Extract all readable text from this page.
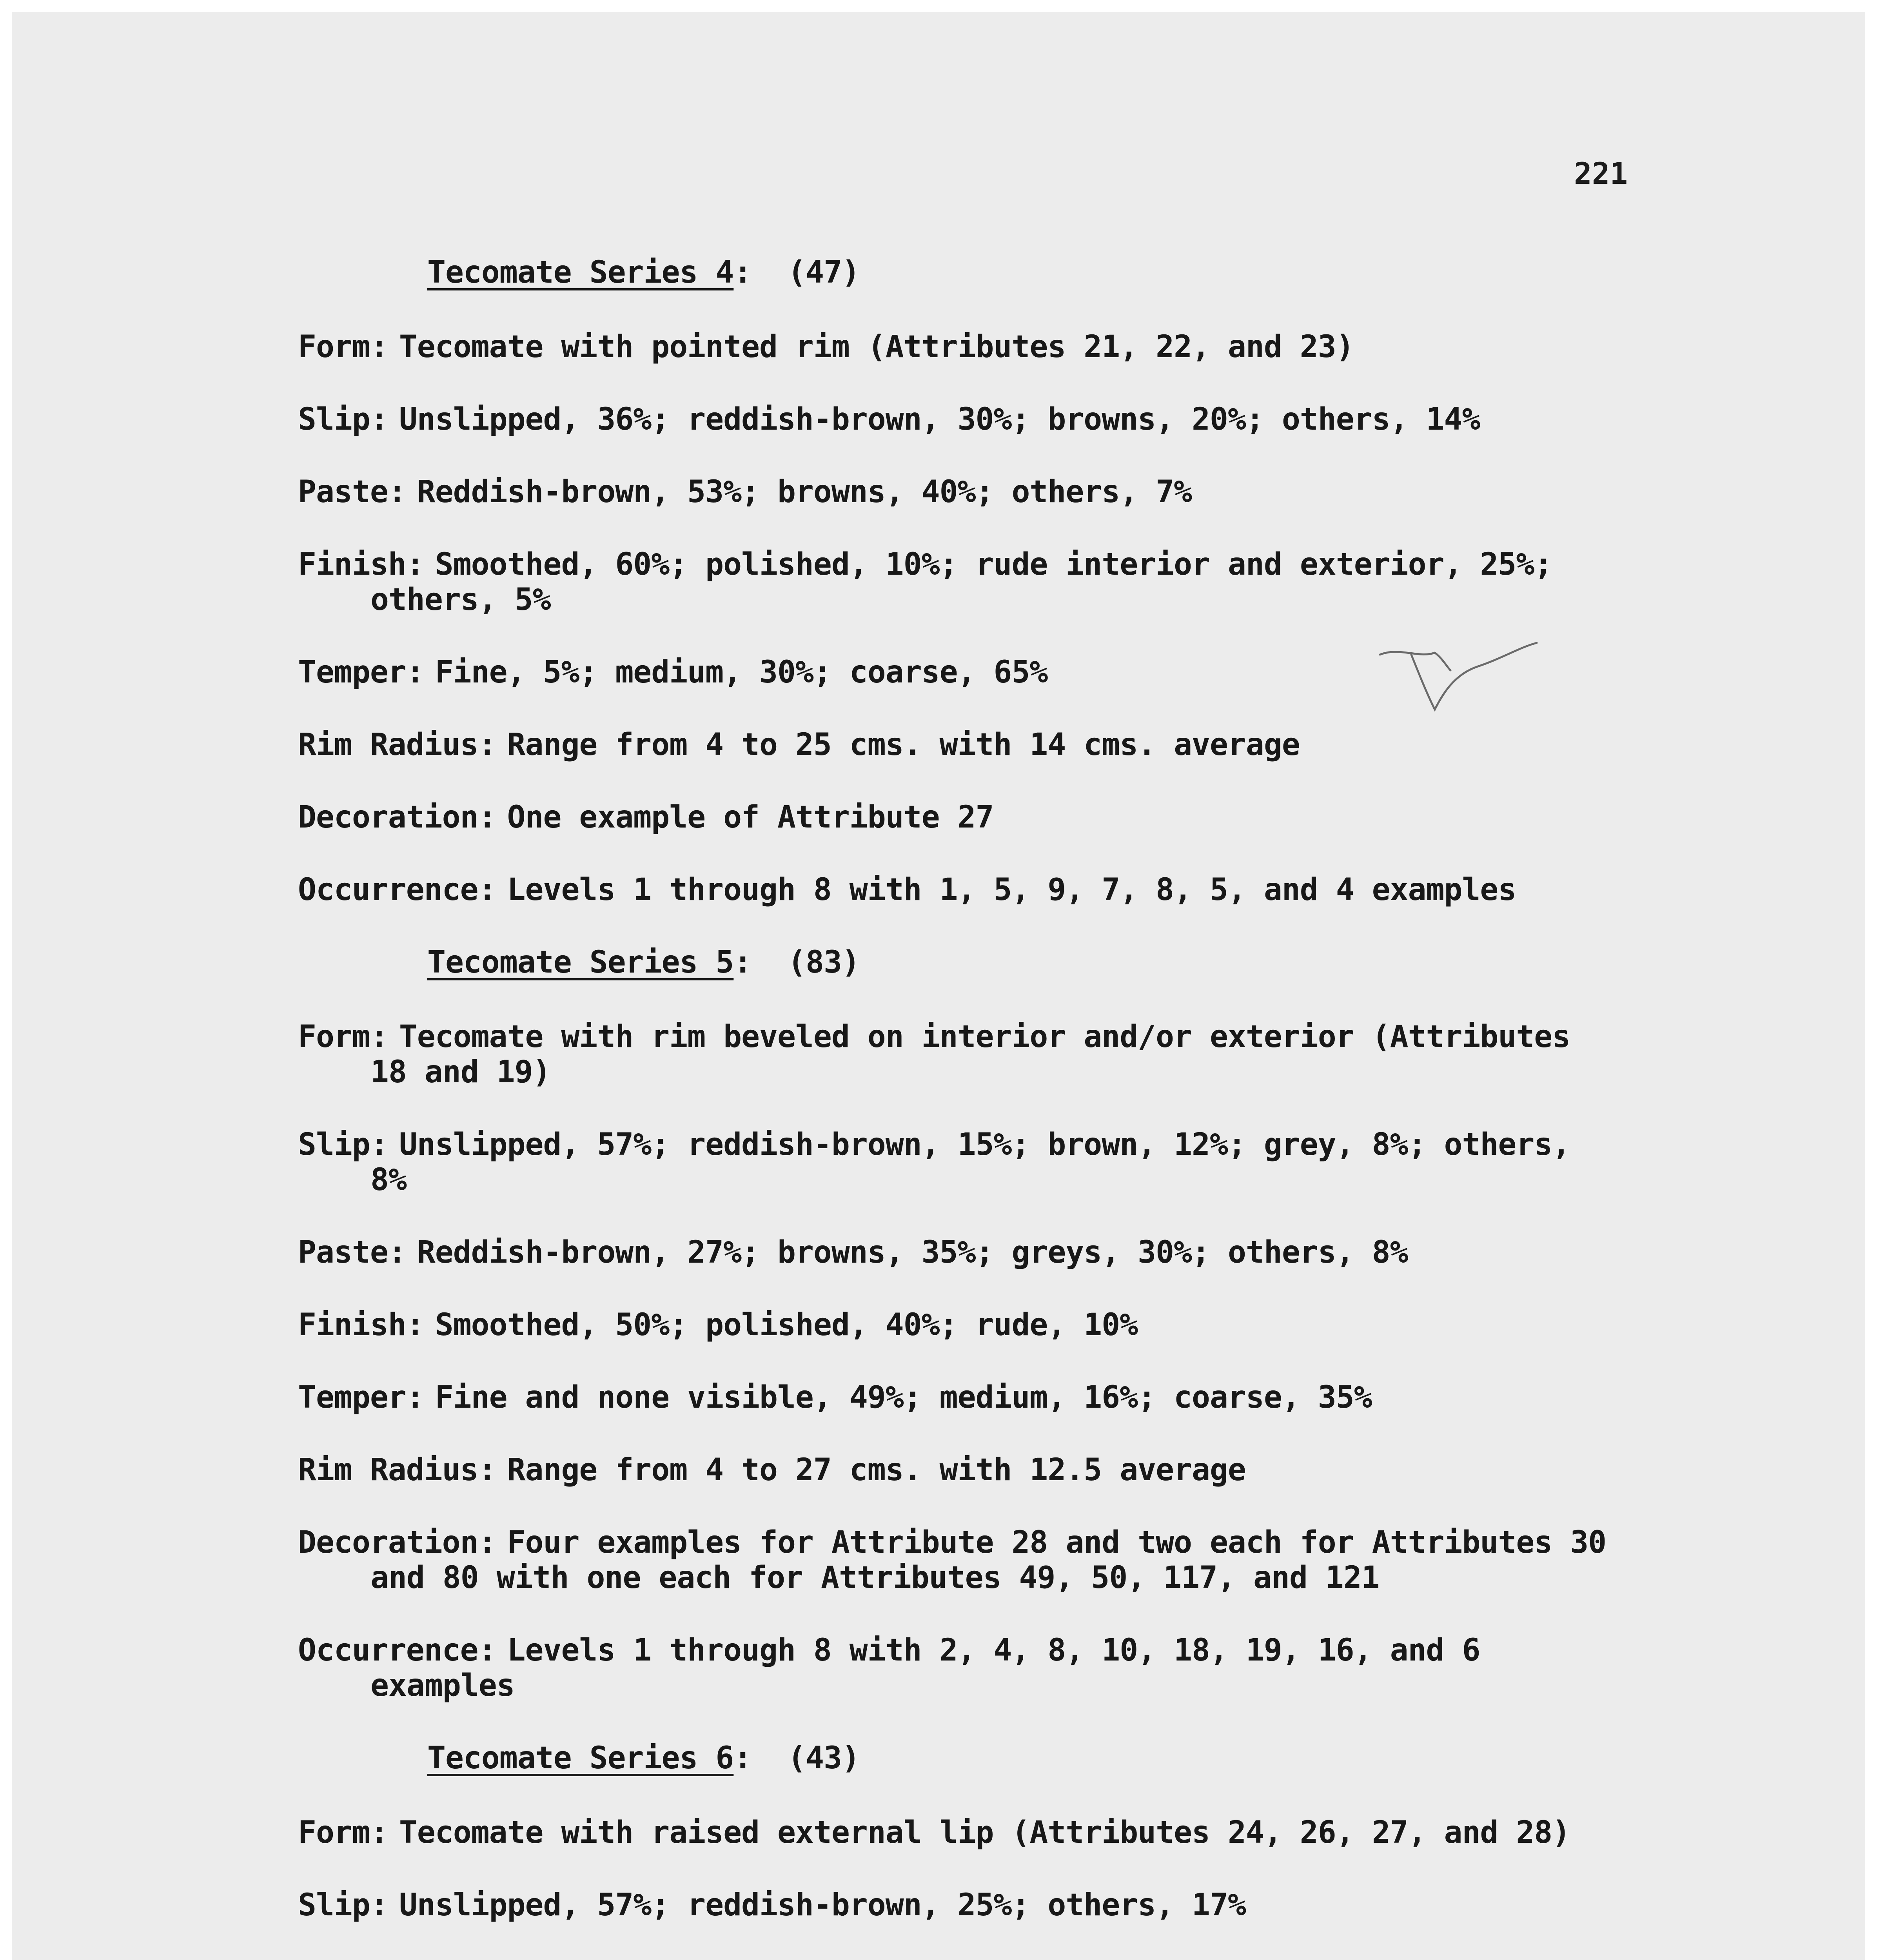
221
Tecomate Series 4:  (47)
Form: Tecomate with pointed rim (Attributes 21, 22, and 23)
Slip: Unslipped, 36%; reddish-brown, 30%; browns, 20%; others, 14%
Paste: Reddish-brown, 53%; browns, 40%; others, 7%
Finish: Smoothed, 60%; polished, 10%; rude interior and exterior, 25%; others, 5%
Temper: Fine, 5%; medium, 30%; coarse, 65%
Rim Radius: Range from 4 to 25 cms. with 14 cms. average
Decoration: One example of Attribute 27
Occurrence: Levels 1 through 8 with 1, 5, 9, 7, 8, 5, and 4 examples
Tecomate Series 5:  (83)
Form: Tecomate with rim beveled on interior and/or exterior (Attributes 18 and 19)
Slip: Unslipped, 57%; reddish-brown, 15%; brown, 12%; grey, 8%; others, 8%
Paste: Reddish-brown, 27%; browns, 35%; greys, 30%; others, 8%
Finish: Smoothed, 50%; polished, 40%; rude, 10%
Temper: Fine and none visible, 49%; medium, 16%; coarse, 35%
Rim Radius: Range from 4 to 27 cms. with 12.5 average
Decoration: Four examples for Attribute 28 and two each for Attributes 30 and 80 with one each for Attributes 49, 50, 117, and 121
Occurrence: Levels 1 through 8 with 2, 4, 8, 10, 18, 19, 16, and 6 examples
Tecomate Series 6:  (43)
Form: Tecomate with raised external lip (Attributes 24, 26, 27, and 28)
Slip: Unslipped, 57%; reddish-brown, 25%; others, 17%
